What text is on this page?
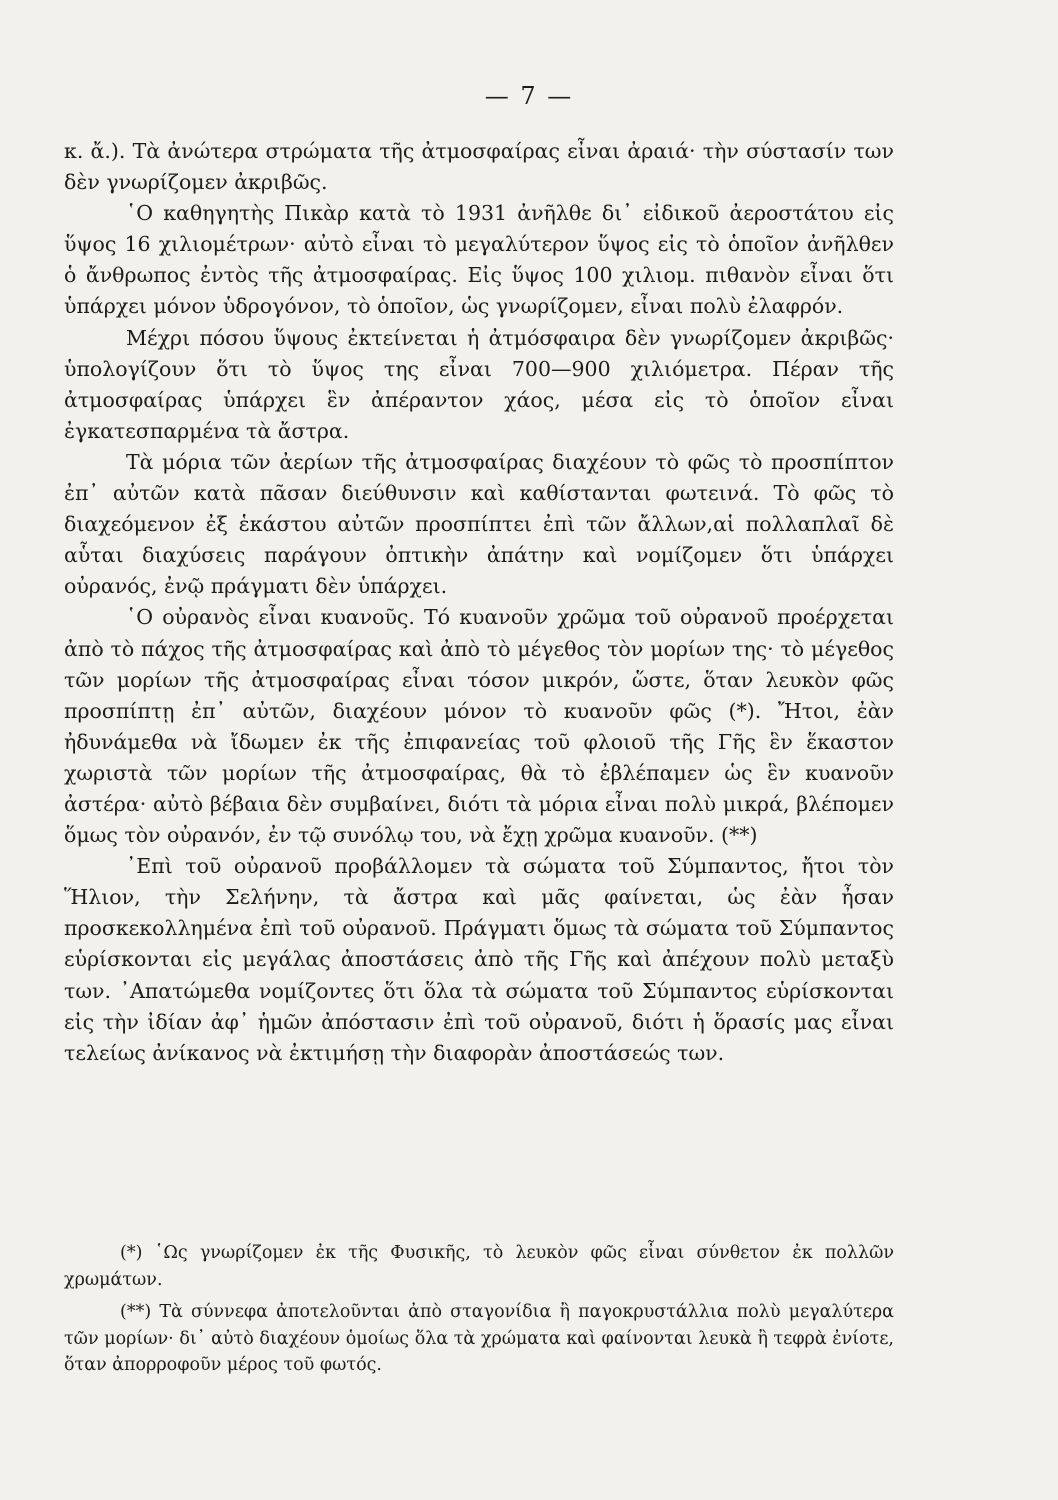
— 7 —

κ. ἄ.). Τὰ ἀνώτερα στρώματα τῆς ἀτμοσφαίρας εἶναι ἀραιά· τὴν σύστασίν των δὲν γνωρίζομεν ἀκριβῶς.

῾Ο καθηγητὴς Πικὰρ κατὰ τὸ 1931 ἀνῆλθε δι᾿ εἰδικοῦ ἀεροστάτου εἰς ὕψος 16 χιλιομέτρων· αὐτὸ εἶναι τὸ μεγαλύτερον ὕψος εἰς τὸ ὁποῖον ἀνῆλθεν ὁ ἄνθρωπος ἐντὸς τῆς ἀτμοσφαίρας. Εἰς ὕψος 100 χιλιομ. πιθανὸν εἶναι ὅτι ὑπάρχει μόνον ὑδρογόνον, τὸ ὁποῖον, ὡς γνωρίζομεν, εἶναι πολὺ ἐλαφρόν.

Μέχρι πόσου ὕψους ἐκτείνεται ἡ ἀτμόσφαιρα δὲν γνωρίζομεν ἀκριβῶς· ὑπολογίζουν ὅτι τὸ ὕψος της εἶναι 700—900 χιλιόμετρα. Πέραν τῆς ἀτμοσφαίρας ὑπάρχει ἓν ἀπέραντον χάος, μέσα εἰς τὸ ὁποῖον εἶναι ἐγκατεσπαρμένα τὰ ἄστρα.

Τὰ μόρια τῶν ἀερίων τῆς ἀτμοσφαίρας διαχέουν τὸ φῶς τὸ προσπίπτον ἐπ᾿ αὐτῶν κατὰ πᾶσαν διεύθυνσιν καὶ καθίστανται φωτεινά. Τὸ φῶς τὸ διαχεόμενον ἐξ ἑκάστου αὐτῶν προσπίπτει ἐπὶ τῶν ἄλλων,αἱ πολλαπλαῖ δὲ αὗται διαχύσεις παράγουν ὀπτικὴν ἀπάτην καὶ νομίζομεν ὅτι ὑπάρχει οὐρανός, ἐνῷ πράγματι δὲν ὑπάρχει.

῾Ο οὐρανὸς εἶναι κυανοῦς. Τό κυανοῦν χρῶμα τοῦ οὐρανοῦ προέρχεται ἀπὸ τὸ πάχος τῆς ἀτμοσφαίρας καὶ ἀπὸ τὸ μέγεθος τὸν μορίων της· τὸ μέγεθος τῶν μορίων τῆς ἀτμοσφαίρας εἶναι τόσον μικρόν, ὥστε, ὅταν λευκὸν φῶς προσπίπτῃ ἐπ᾿ αὐτῶν, διαχέουν μόνον τὸ κυανοῦν φῶς (*). Ἤτοι, ἐὰν ἠδυνάμεθα νὰ ἴδωμεν ἐκ τῆς ἐπιφανείας τοῦ φλοιοῦ τῆς Γῆς ἓν ἕκαστον χωριστὰ τῶν μορίων τῆς ἀτμοσφαίρας, θὰ τὸ ἐβλέπαμεν ὡς ἓν κυανοῦν ἀστέρα· αὐτὸ βέβαια δὲν συμβαίνει, διότι τὰ μόρια εἶναι πολὺ μικρά, βλέπομεν ὅμως τὸν οὐρανόν, ἐν τῷ συνόλῳ του, νὰ ἔχῃ χρῶμα κυανοῦν. (**)

᾿Επὶ τοῦ οὐρανοῦ προβάλλομεν τὰ σώματα τοῦ Σύμπαντος, ἤτοι τὸν Ἥλιον, τὴν Σελήνην, τὰ ἄστρα καὶ μᾶς φαίνεται, ὡς ἐὰν ἦσαν προσκεκολλημένα ἐπὶ τοῦ οὐρανοῦ. Πράγματι ὅμως τὰ σώματα τοῦ Σύμπαντος εὑρίσκονται εἰς μεγάλας ἀποστάσεις ἀπὸ τῆς Γῆς καὶ ἀπέχουν πολὺ μεταξὺ των. ᾿Απατώμεθα νομίζοντες ὅτι ὅλα τὰ σώματα τοῦ Σύμπαντος εὑρίσκονται εἰς τὴν ἰδίαν ἀφ᾿ ἡμῶν ἀπόστασιν ἐπὶ τοῦ οὐρανοῦ, διότι ἡ ὅρασίς μας εἶναι τελείως ἀνίκανος νὰ ἐκτιμήσῃ τὴν διαφορὰν ἀποστάσεώς των.

(*) ῾Ως γνωρίζομεν ἐκ τῆς Φυσικῆς, τὸ λευκὸν φῶς εἶναι σύνθετον ἐκ πολλῶν χρωμάτων.

(**) Τὰ σύννεφα ἀποτελοῦνται ἀπὸ σταγονίδια ἢ παγοκρυστάλλια πολὺ μεγαλύτερα τῶν μορίων· δι᾿ αὐτὸ διαχέουν ὁμοίως ὅλα τὰ χρώματα καὶ φαίνονται λευκὰ ἢ τεφρὰ ἐνίοτε, ὅταν ἀπορροφοῦν μέρος τοῦ φωτός.
